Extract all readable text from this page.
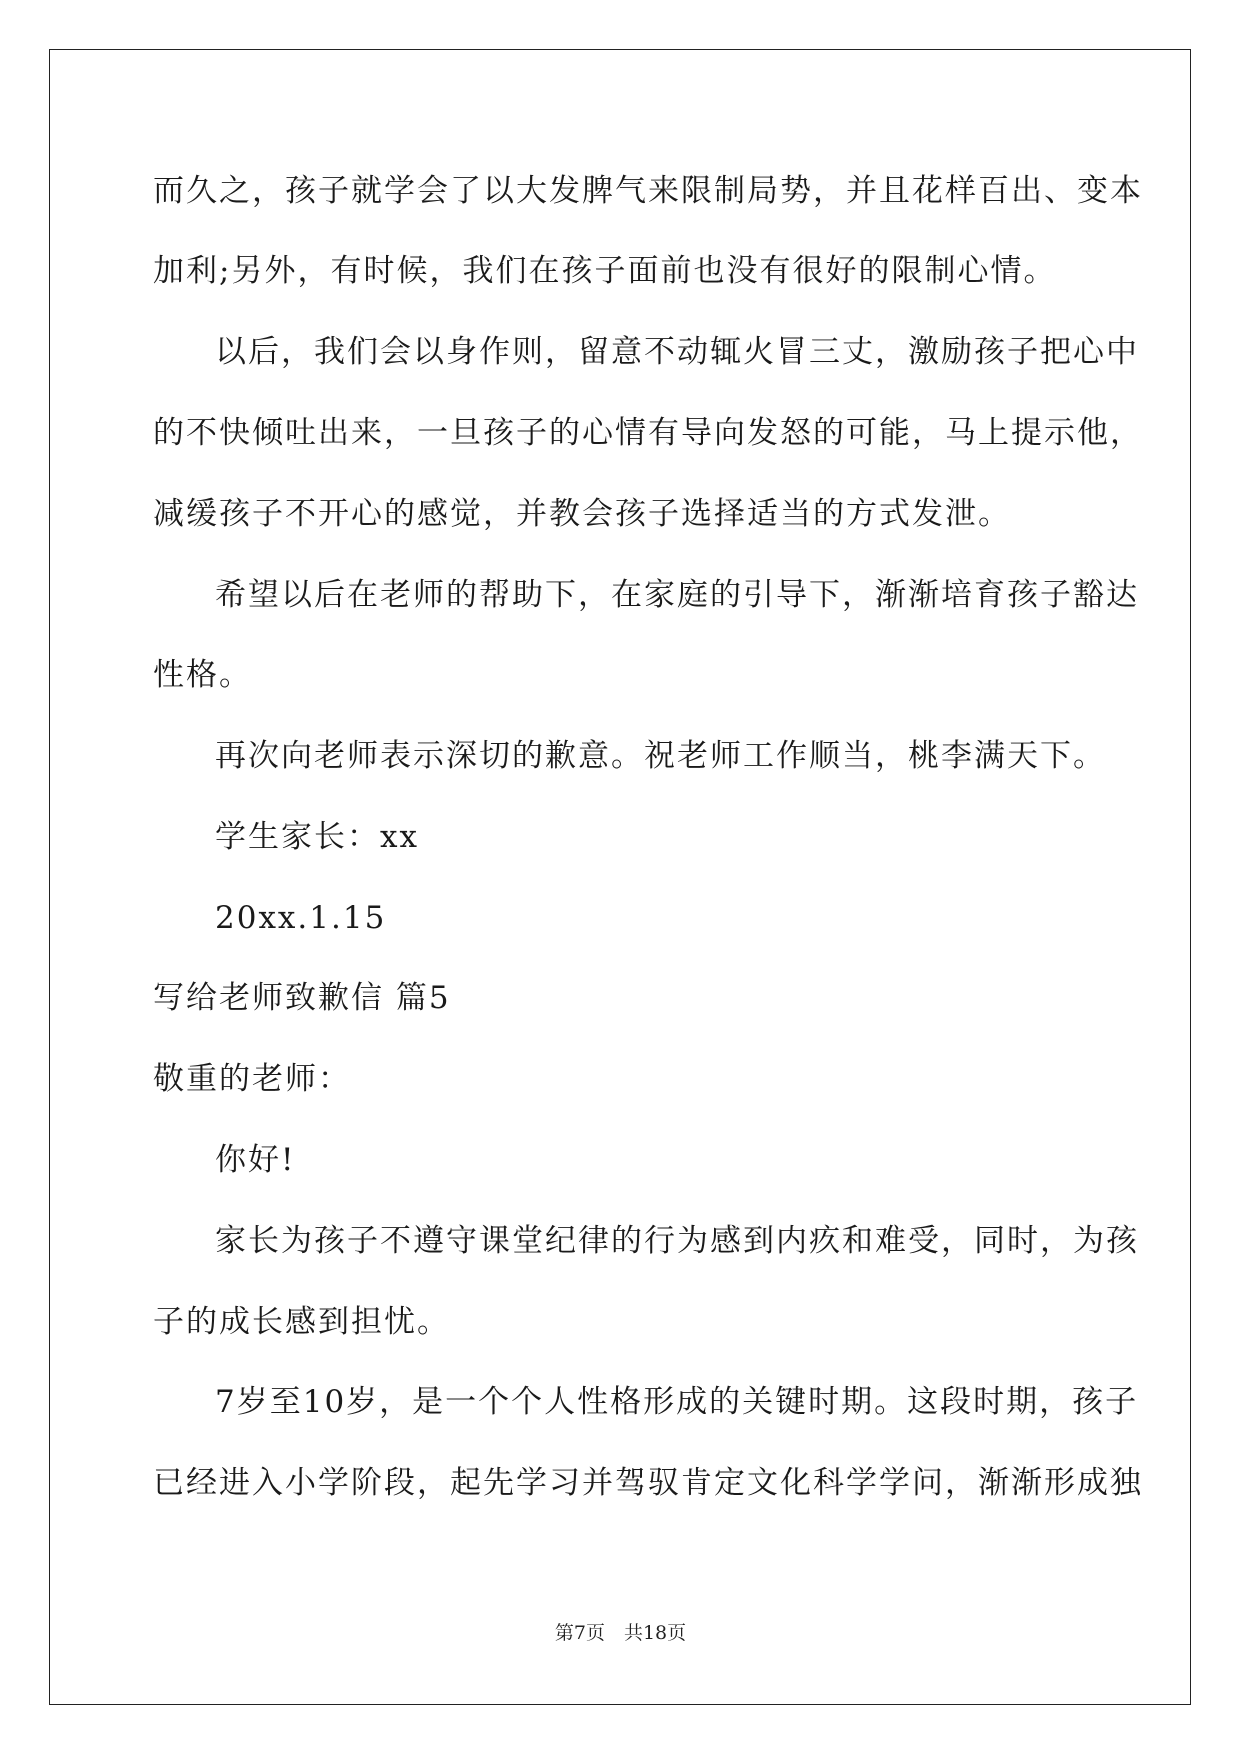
而久之，孩子就学会了以大发脾气来限制局势，并且花样百出、变本
加利;另外，有时候，我们在孩子面前也没有很好的限制心情。
以后，我们会以身作则，留意不动辄火冒三丈，激励孩子把心中
的不快倾吐出来，一旦孩子的心情有导向发怒的可能，马上提示他，
减缓孩子不开心的感觉，并教会孩子选择适当的方式发泄。
希望以后在老师的帮助下，在家庭的引导下，渐渐培育孩子豁达
性格。
再次向老师表示深切的歉意。祝老师工作顺当，桃李满天下。
学生家长：xx
20xx.1.15
写给老师致歉信 篇5
敬重的老师：
你好!
家长为孩子不遵守课堂纪律的行为感到内疚和难受，同时，为孩
子的成长感到担忧。
7岁至10岁，是一个个人性格形成的关键时期。这段时期，孩子
已经进入小学阶段，起先学习并驾驭肯定文化科学学问，渐渐形成独
第7页　共18页
